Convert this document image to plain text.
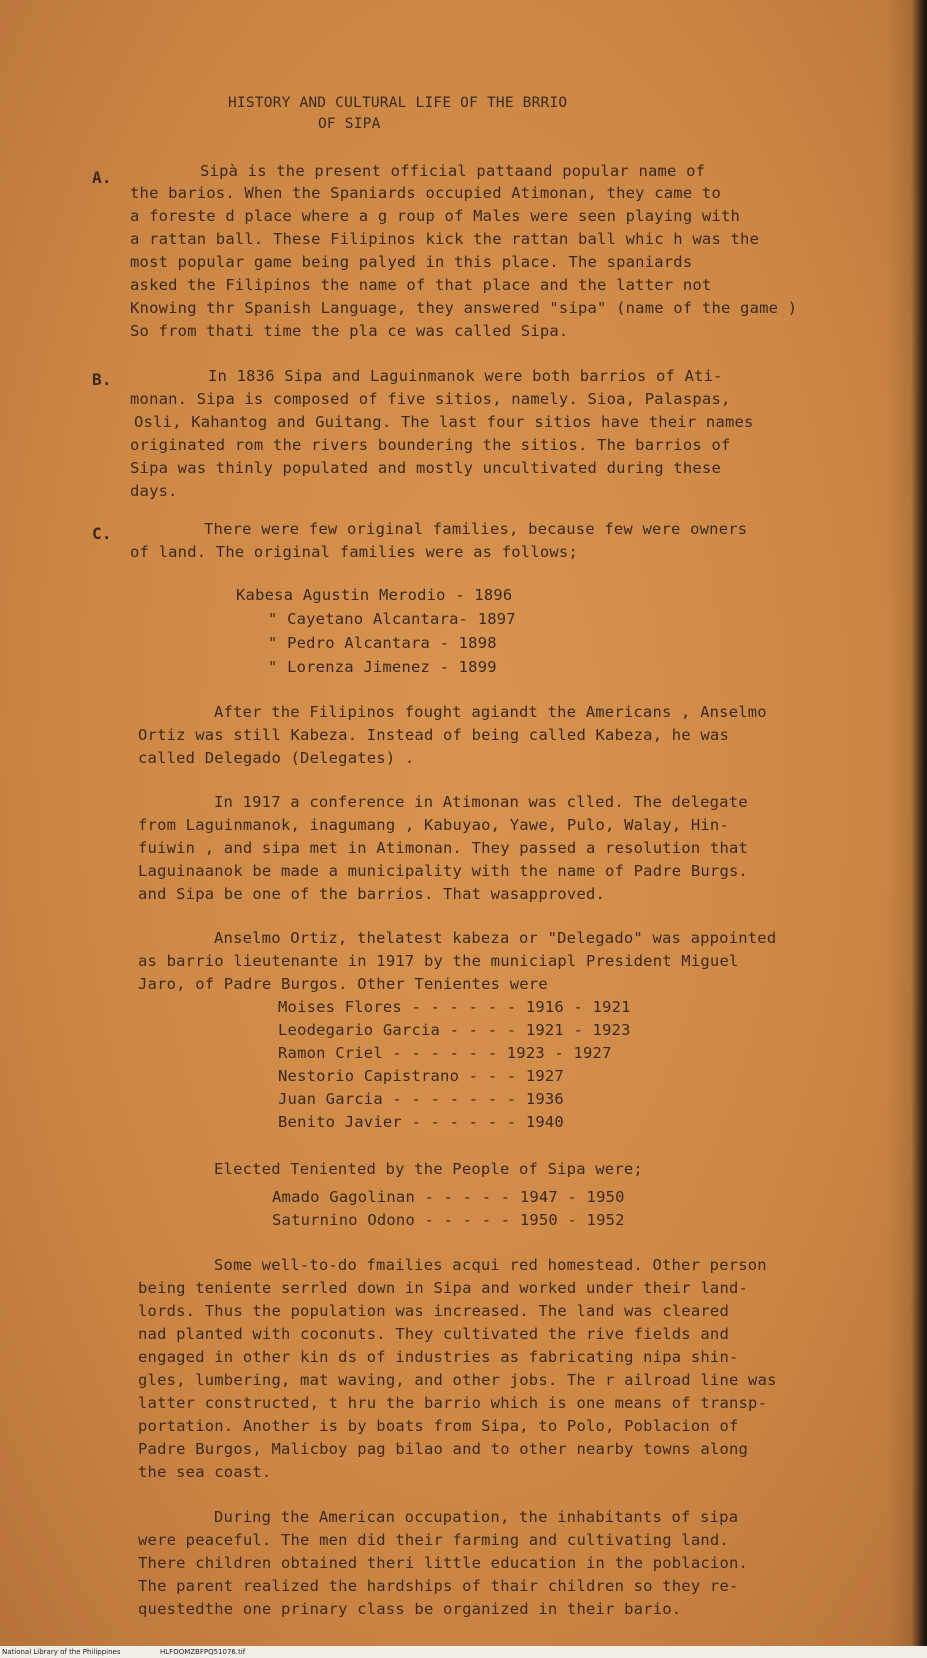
HISTORY AND CULTURAL LIFE OF THE BRRIO
OF SIPA
A.	Sipà is the present official pattaand popular name of
the barios. When the Spaniards occupied Atimonan, they came to
a foreste d place where a g roup of Males were seen playing with
a rattan ball. These Filipinos kick the rattan ball whic h was the
most popular game being palyed in this place. The spaniards
asked the Filipinos the name of that place and the latter not
Knowing thr Spanish Language, they answered "sipa" (name of the game )
So from thati time the pla ce was called Sipa.
B.	In 1836 Sipa and Laguinmanok were both barrios of Ati-
monan. Sipa is composed of five sitios, namely. Sioa, Palaspas,
Osli, Kahantog and Guitang. The last four sitios have their names
originated rom the rivers boundering the sitios. The barrios of
Sipa was thinly populated and mostly uncultivated during these
days.
C.	There were few original families, because few were owners
of land. The original families were as follows;
Kabesa Agustin Merodio - 1896
" Cayetano Alcantara- 1897
" Pedro Alcantara - 1898
" Lorenza Jimenez - 1899
After the Filipinos fought agiandt the Americans , Anselmo
Ortiz was still Kabeza. Instead of being called Kabeza, he was
called Delegado (Delegates) .
In 1917 a conference in Atimonan was clled. The delegate
from Laguinmanok, inagumang , Kabuyao, Yawe, Pulo, Walay, Hin-
fuiwin , and sipa met in Atimonan. They passed a resolution that
Laguinaanok be made a municipality with the name of Padre Burgs.
and Sipa be one of the barrios. That wasapproved.
Anselmo Ortiz, thelatest kabeza or "Delegado" was appointed
as barrio lieutenante in 1917 by the municiapl President Miguel
Jaro, of Padre Burgos. Other Tenientes were
Moises Flores - - - - - - 1916 - 1921
Leodegario Garcia - - - - 1921 - 1923
Ramon Criel - - - - - - 1923 - 1927
Nestorio Capistrano - - - 1927
Juan Garcia - - - - - - - 1936
Benito Javier - - - - - - 1940
Elected Teniented by the People of Sipa were;
Amado Gagolinan - - - - - 1947 - 1950
Saturnino Odono - - - - - 1950 - 1952
Some well-to-do fmailies acqui red homestead. Other person
being teniente serrled down in Sipa and worked under their land-
lords. Thus the population was increased. The land was cleared
nad planted with coconuts. They cultivated the rive fields and
engaged in other kin ds of industries as fabricating nipa shin-
gles, lumbering, mat waving, and other jobs. The r ailroad line was
latter constructed, t hru the barrio which is one means of transp-
portation. Another is by boats from Sipa, to Polo, Poblacion of
Padre Burgos, Malicboy pag bilao and to other nearby towns along
the sea coast.
During the American occupation, the inhabitants of sipa
were peaceful. The men did their farming and cultivating land.
There children obtained theri little education in the poblacion.
The parent realized the hardships of thair children so they re-
questedthe one prinary class be organized in their bario.
National Library of the Philippines	HLFOOMZBFPQ51076.tif
